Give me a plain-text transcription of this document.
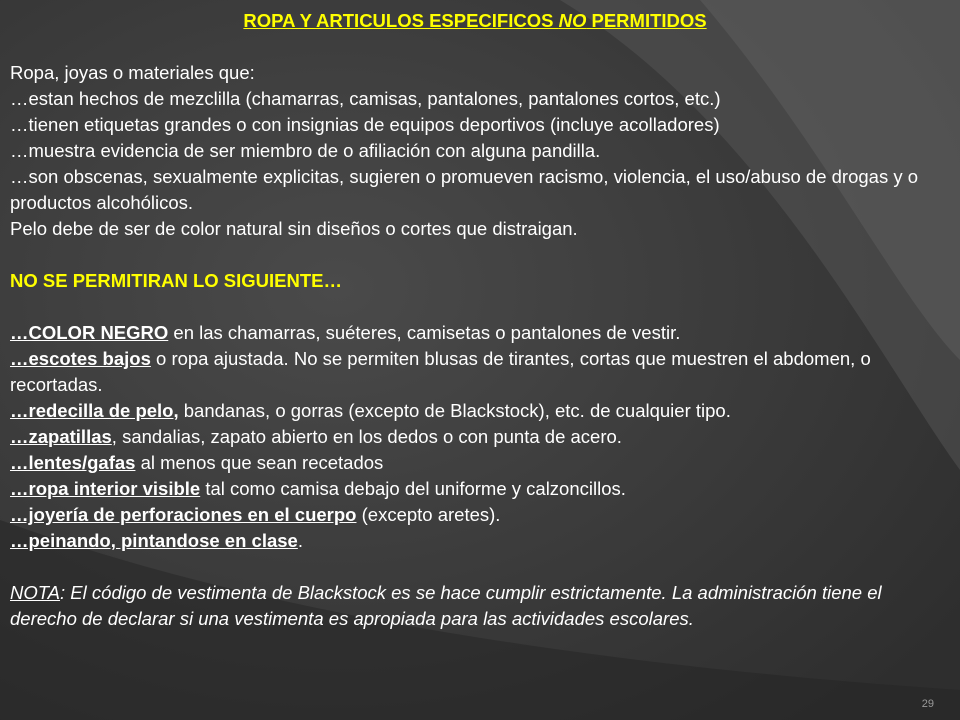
ROPA Y ARTICULOS ESPECIFICOS NO PERMITIDOS

Ropa, joyas o materiales que:

…estan hechos de mezclilla (chamarras, camisas, pantalones, pantalones cortos, etc.)

…tienen etiquetas grandes o con insignias de equipos deportivos (incluye acolladores)

…muestra evidencia de ser miembro de o afiliación con alguna pandilla.

…son obscenas, sexualmente explicitas, sugieren o promueven racismo, violencia, el uso/abuso de drogas y o productos alcohólicos.

Pelo debe de ser de color natural sin diseños o cortes que distraigan.

NO SE PERMITIRAN LO SIGUIENTE…

…COLOR NEGRO en las chamarras, suéteres, camisetas o pantalones de vestir.

…escotes bajos o ropa ajustada. No se permiten blusas de tirantes, cortas que muestren el abdomen, o recortadas.

…redecilla de pelo, bandanas, o gorras (excepto de Blackstock), etc. de cualquier tipo.

…zapatillas, sandalias, zapato abierto en los dedos o con punta de acero.

…lentes/gafas al menos que sean recetados

…ropa interior visible tal como camisa debajo del uniforme y calzoncillos.

…joyería de perforaciones en el cuerpo (excepto aretes).

…peinando, pintandose en clase.

NOTA: El código de vestimenta de Blackstock es se hace cumplir estrictamente. La administración tiene el derecho de declarar si una vestimenta es apropiada para las actividades escolares.

29
